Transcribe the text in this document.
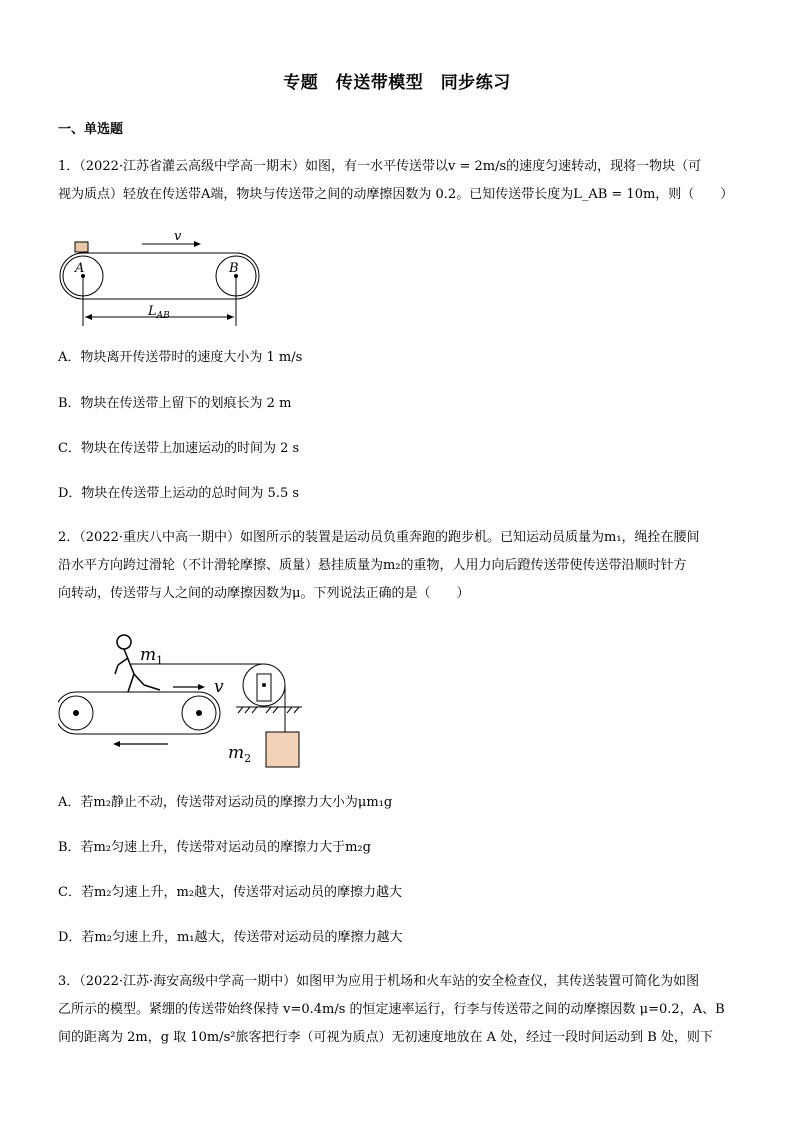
专题　传送带模型　同步练习
一、单选题
1．（2022·江苏省灌云高级中学高一期末）如图，有一水平传送带以v = 2m/s的速度匀速转动，现将一物块（可
视为质点）轻放在传送带A端，物块与传送带之间的动摩擦因数为 0.2。已知传送带长度为L_AB = 10m，则（　　）
v
A	B
$L_{AB}$
A．物块离开传送带时的速度大小为 1 m/s
B．物块在传送带上留下的划痕长为 2 m
C．物块在传送带上加速运动的时间为 2 s
D．物块在传送带上运动的总时间为 5.5 s
2．（2022·重庆八中高一期中）如图所示的装置是运动员负重奔跑的跑步机。已知运动员质量为m₁，绳拴在腰间
沿水平方向跨过滑轮（不计滑轮摩擦、质量）悬挂质量为m₂的重物，人用力向后蹬传送带使传送带沿顺时针方
向转动，传送带与人之间的动摩擦因数为μ。下列说法正确的是（　　）
$m_1$
$m_2$
v
A．若m₂静止不动，传送带对运动员的摩擦力大小为μm₁g
B．若m₂匀速上升，传送带对运动员的摩擦力大于m₂g
C．若m₂匀速上升，m₂越大，传送带对运动员的摩擦力越大
D．若m₂匀速上升，m₁越大，传送带对运动员的摩擦力越大
3．（2022·江苏·海安高级中学高一期中）如图甲为应用于机场和火车站的安全检查仪，其传送装置可简化为如图
乙所示的模型。紧绷的传送带始终保持 v=0.4m/s 的恒定速率运行，行李与传送带之间的动摩擦因数 μ=0.2，A、B
间的距离为 2m，g 取 10m/s²旅客把行李（可视为质点）无初速度地放在 A 处，经过一段时间运动到 B 处，则下
